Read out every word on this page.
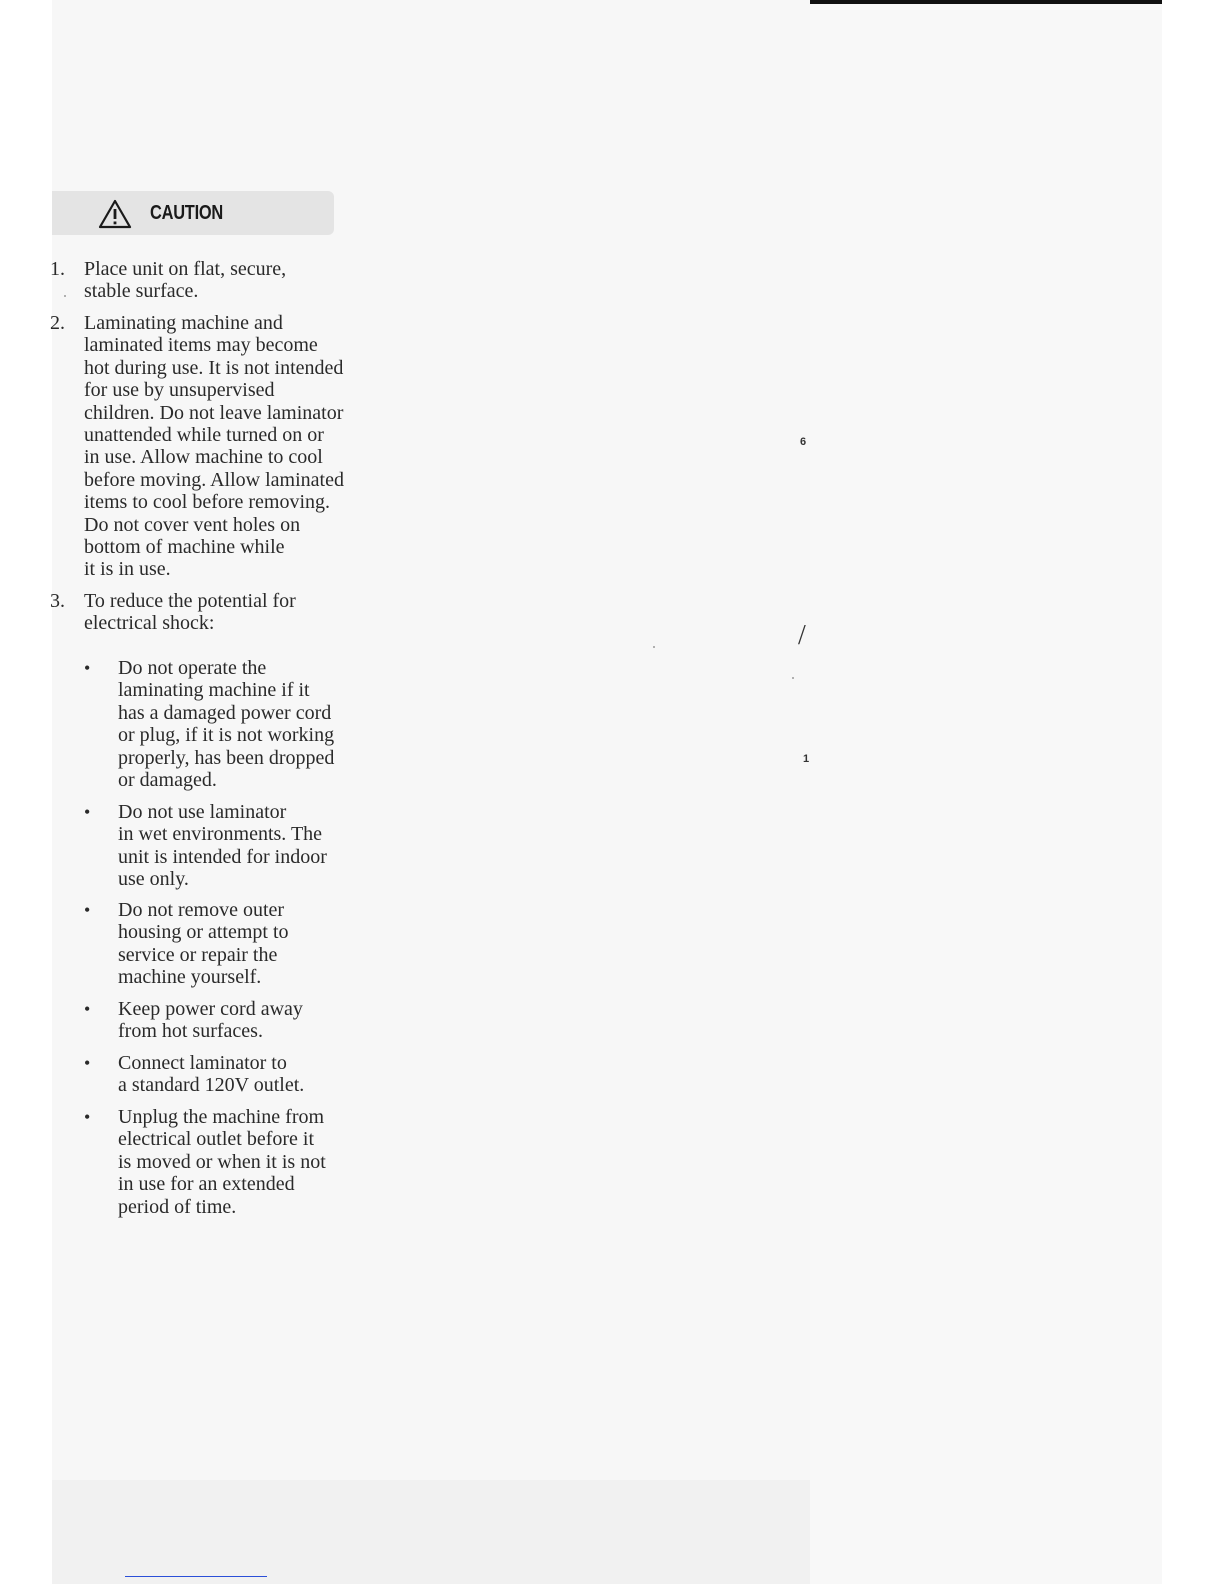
CAUTION
1. Place unit on flat, secure,
stable surface.
2. Laminating machine and
laminated items may become
hot during use. It is not intended
for use by unsupervised
children. Do not leave laminator
unattended while turned on or
in use. Allow machine to cool
before moving. Allow laminated
items to cool before removing.
Do not cover vent holes on
bottom of machine while
it is in use.
3. To reduce the potential for
electrical shock:
• Do not operate the
laminating machine if it
has a damaged power cord
or plug, if it is not working
properly, has been dropped
or damaged.
• Do not use laminator
in wet environments. The
unit is intended for indoor
use only.
• Do not remove outer
housing or attempt to
service or repair the
machine yourself.
• Keep power cord away
from hot surfaces.
• Connect laminator to
a standard 120V outlet.
• Unplug the machine from
electrical outlet before it
is moved or when it is not
in use for an extended
period of time.
6
1
/
